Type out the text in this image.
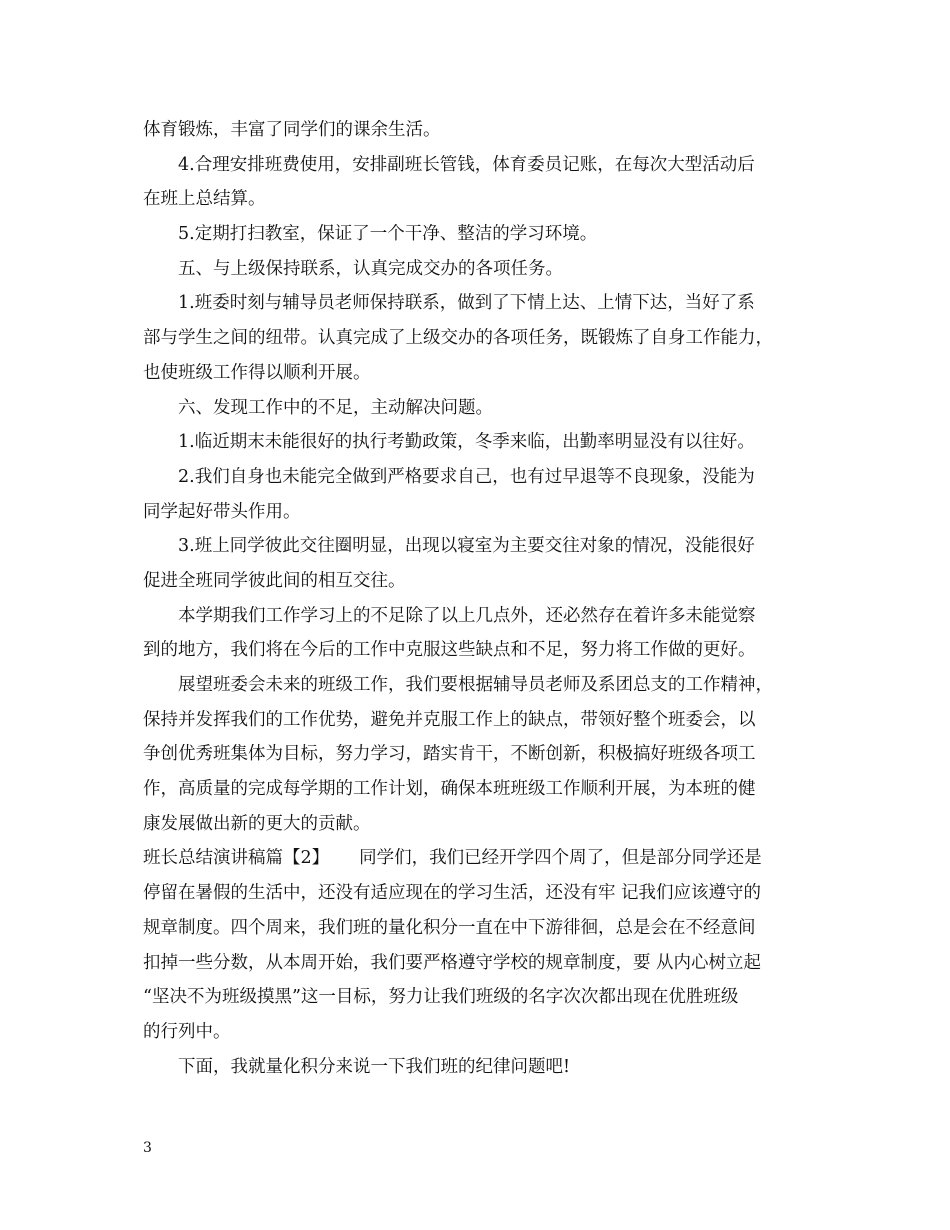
体育锻炼，丰富了同学们的课余生活。
4.合理安排班费使用，安排副班长管钱，体育委员记账，在每次大型活动后
在班上总结算。
5.定期打扫教室，保证了一个干净、整洁的学习环境。
五、与上级保持联系，认真完成交办的各项任务。
1.班委时刻与辅导员老师保持联系，做到了下情上达、上情下达，当好了系
部与学生之间的纽带。认真完成了上级交办的各项任务，既锻炼了自身工作能力，
也使班级工作得以顺利开展。
六、发现工作中的不足，主动解决问题。
1.临近期末未能很好的执行考勤政策，冬季来临，出勤率明显没有以往好。
2.我们自身也未能完全做到严格要求自己，也有过早退等不良现象，没能为
同学起好带头作用。
3.班上同学彼此交往圈明显，出现以寝室为主要交往对象的情况，没能很好
促进全班同学彼此间的相互交往。
本学期我们工作学习上的不足除了以上几点外，还必然存在着许多未能觉察
到的地方，我们将在今后的工作中克服这些缺点和不足，努力将工作做的更好。
展望班委会未来的班级工作，我们要根据辅导员老师及系团总支的工作精神，
保持并发挥我们的工作优势，避免并克服工作上的缺点，带领好整个班委会，以
争创优秀班集体为目标，努力学习，踏实肯干，不断创新，积极搞好班级各项工
作，高质量的完成每学期的工作计划，确保本班班级工作顺利开展，为本班的健
康发展做出新的更大的贡献。
班长总结演讲稿篇【2】 同学们，我们已经开学四个周了，但是部分同学还是
停留在暑假的生活中，还没有适应现在的学习生活，还没有牢 记我们应该遵守的
规章制度。四个周来，我们班的量化积分一直在中下游徘徊，总是会在不经意间
扣掉一些分数，从本周开始，我们要严格遵守学校的规章制度，要 从内心树立起
“坚决不为班级摸黑”这一目标，努力让我们班级的名字次次都出现在优胜班级
的行列中。
下面，我就量化积分来说一下我们班的纪律问题吧!
3
